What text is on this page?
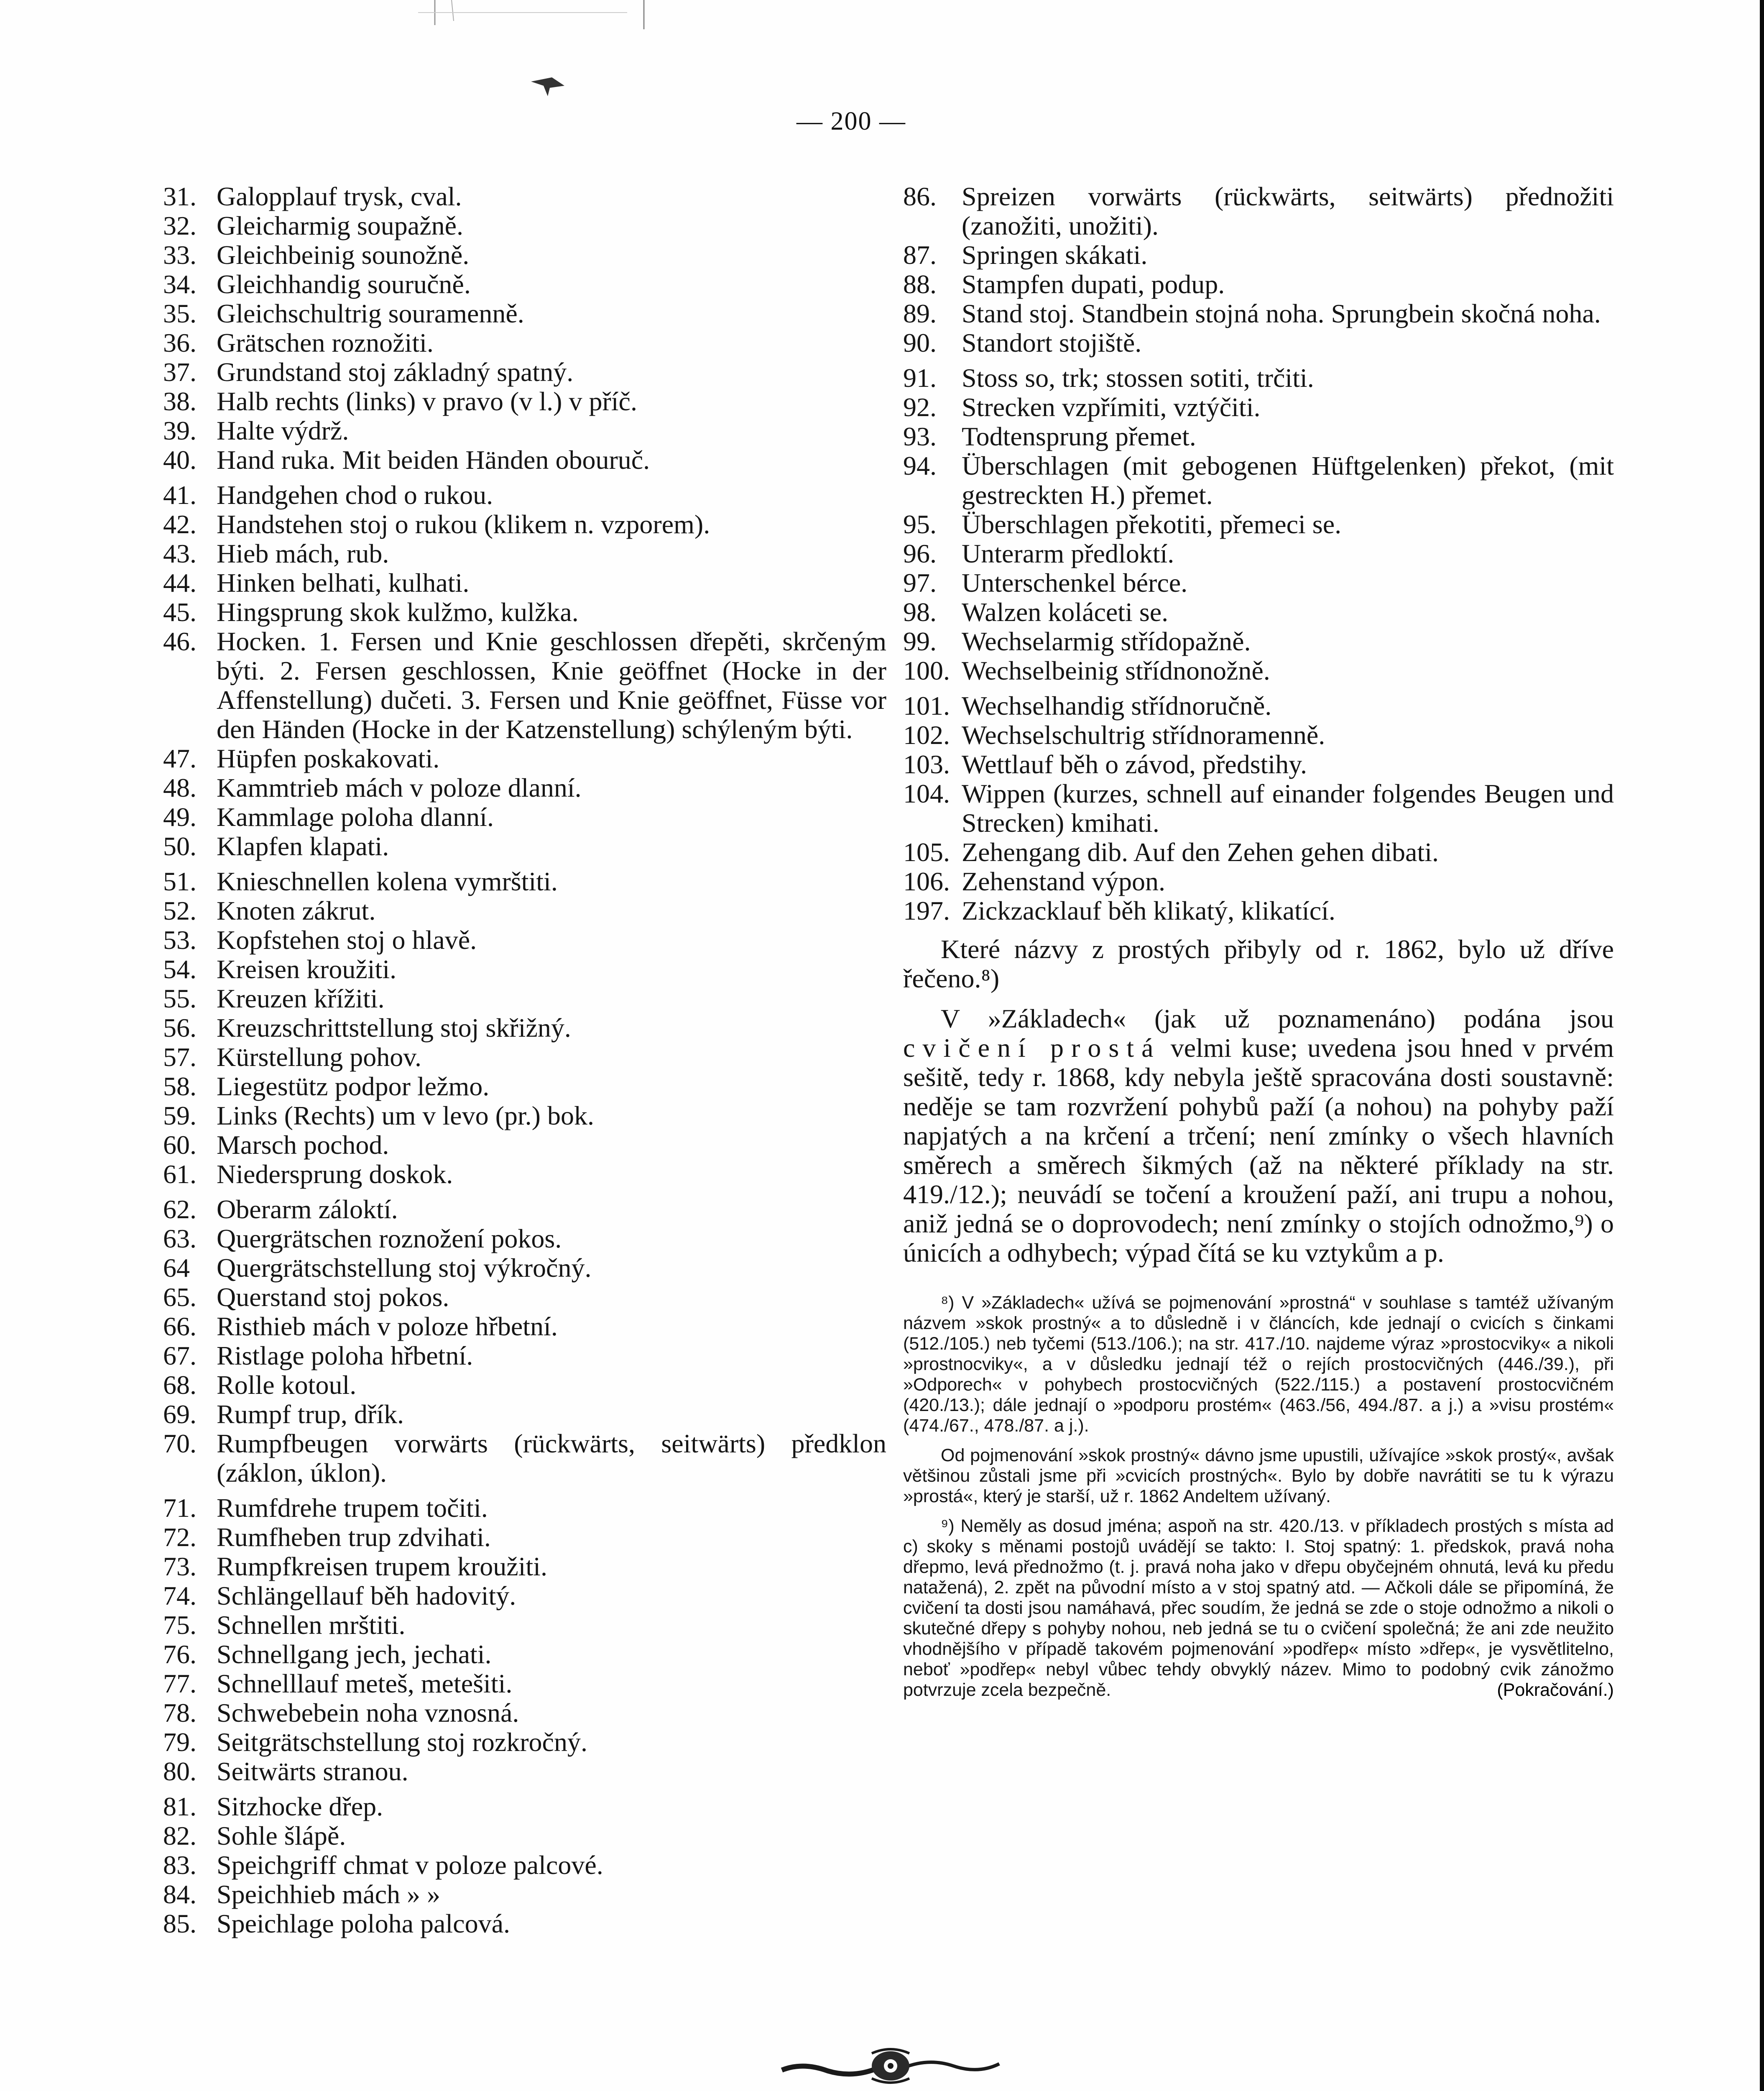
— 200 —
31. Galopplauf trysk, cval.
32. Gleicharmig soupažně.
33. Gleichbeinig sounožně.
34. Gleichhandig souručně.
35. Gleichschultrig souramenně.
36. Grätschen roznožiti.
37. Grundstand stoj základný spatný.
38. Halb rechts (links) v pravo (v l.) v příč.
39. Halte výdrž.
40. Hand ruka. Mit beiden Händen obouruč.
41. Handgehen chod o rukou.
42. Handstehen stoj o rukou (klikem n. vzporem).
43. Hieb mách, rub.
44. Hinken belhati, kulhati.
45. Hingsprung skok kulžmo, kulžka.
46. Hocken. 1. Fersen und Knie geschlossen dřepěti, skrčeným býti. 2. Fersen geschlossen, Knie geöffnet (Hocke in der Affenstellung) dučeti. 3. Fersen und Knie geöffnet, Füsse vor den Händen (Hocke in der Katzenstellung) schýleným býti.
47. Hüpfen poskakovati.
48. Kammtrieb mách v poloze dlanní.
49. Kammlage poloha dlanní.
50. Klapfen klapati.
51. Knieschnellen kolena vymrštiti.
52. Knoten zákrut.
53. Kopfstehen stoj o hlavě.
54. Kreisen kroužiti.
55. Kreuzen křížiti.
56. Kreuzschrittstellung stoj skřižný.
57. Kürstellung pohov.
58. Liegestütz podpor ležmo.
59. Links (Rechts) um v levo (pr.) bok.
60. Marsch pochod.
61. Niedersprung doskok.
62. Oberarm záloktí.
63. Quergrätschen roznožení pokos.
64	Quergrätschstellung stoj výkročný.
65. Querstand stoj pokos.
66. Risthieb mách v poloze hřbetní.
67. Ristlage poloha hřbetní.
68. Rolle kotoul.
69. Rumpf trup, dřík.
70. Rumpfbeugen vorwärts (rückwärts, seitwärts) předklon (záklon, úklon).
71. Rumfdrehe trupem točiti.
72. Rumfheben trup zdvihati.
73. Rumpfkreisen trupem kroužiti.
74. Schlängellauf běh hadovitý.
75. Schnellen mrštiti.
76. Schnellgang jech, jechati.
77. Schnelllauf meteš, metešiti.
78. Schwebebein noha vznosná.
79. Seitgrätschstellung stoj rozkročný.
80. Seitwärts stranou.
81. Sitzhocke dřep.
82. Sohle šlápě.
83. Speichgriff chmat v poloze palcové.
84. Speichhieb mách » »
85. Speichlage poloha palcová.
86. Spreizen vorwärts (rückwärts, seitwärts) přednožiti (zanožiti, unožiti).
87. Springen skákati.
88. Stampfen dupati, podup.
89. Stand stoj. Standbein stojná noha. Sprungbein skočná noha.
90. Standort stojiště.
91. Stoss so, trk; stossen sotiti, trčiti.
92. Strecken vzpřímiti, vztýčiti.
93. Todtensprung přemet.
94. Überschlagen (mit gebogenen Hüftgelenken) překot, (mit gestreckten H.) přemet.
95. Überschlagen překotiti, přemeci se.
96. Unterarm předloktí.
97. Unterschenkel bérce.
98. Walzen koláceti se.
99. Wechselarmig střídopažně.
100. Wechselbeinig střídnonožně.
101. Wechselhandig střídnoručně.
102. Wechselschultrig střídnoramenně.
103. Wettlauf běh o závod, předstihy.
104. Wippen (kurzes, schnell auf einander folgendes Beugen und Strecken) kmihati.
105. Zehengang dib. Auf den Zehen gehen dibati.
106. Zehenstand výpon.
197. Zickzacklauf běh klikatý, klikatící.
Které názvy z prostých přibyly od r. 1862, bylo už dříve řečeno.⁸)
V »Základech« (jak už poznamenáno) podána jsou cvičení prostá velmi kuse; uvedena jsou hned v prvém sešitě, tedy r. 1868, kdy nebyla ještě spracována dosti soustavně: neděje se tam rozvržení pohybů paží (a nohou) na pohyby paží napjatých a na krčení a trčení; není zmínky o všech hlavních směrech a směrech šikmých (až na některé příklady na str. 419./12.); neuvádí se točení a kroužení paží, ani trupu a nohou, aniž jedná se o doprovodech; není zmínky o stojích odnožmo,⁹) o únicích a odhybech; výpad čítá se ku vztykům a p.
⁸) V »Základech« užívá se pojmenování »prostná“ v souhlase s tamtéž užívaným názvem »skok prostný« a to důsledně i v článcích, kde jednají o cvicích s činkami (512./105.) neb tyčemi (513./106.); na str. 417./10. najdeme výraz »prostocviky« a nikoli »prostnocviky«, a v důsledku jednají též o rejích prostocvičných (446./39.), při »Odporech« v pohybech prostocvičných (522./115.) a postavení prostocvičném (420./13.); dále jednají o »podporu prostém« (463./56, 494./87. a j.) a »visu prostém« (474./67., 478./87. a j.).
Od pojmenování »skok prostný« dávno jsme upustili, užívajíce »skok prostý«, avšak většinou zůstali jsme při »cvicích prostných«. Bylo by dobře navrátiti se tu k výrazu »prostá«, který je starší, už r. 1862 Andeltem užívaný.
⁹) Neměly as dosud jména; aspoň na str. 420./13. v příkladech prostých s místa ad c) skoky s měnami postojů uvádějí se takto: I. Stoj spatný: 1. předskok, pravá noha dřepmo, levá přednožmo (t. j. pravá noha jako v dřepu obyčejném ohnutá, levá ku předu natažená), 2. zpět na původní místo a v stoj spatný atd. — Ačkoli dále se připomíná, že cvičení ta dosti jsou namáhavá, přec soudím, že jedná se zde o stoje odnožmo a nikoli o skutečné dřepy s pohyby nohou, neb jedná se tu o cvičení společná; že ani zde neužito vhodnějšího v případě takovém pojmenování »podřep« místo »dřep«, je vysvětlitelno, neboť »podřep« nebyl vůbec tehdy obvyklý název. Mimo to podobný cvik zánožmo potvrzuje zcela bezpečně.	(Pokračování.)
